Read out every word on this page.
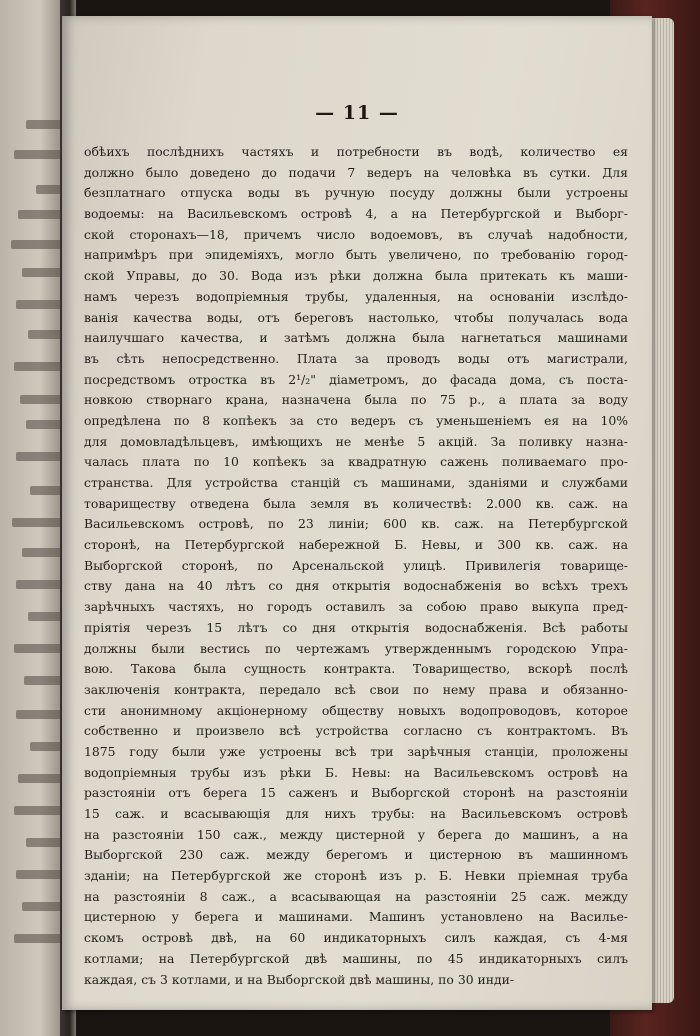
— 11 —
обѣихъ послѣднихъ частяхъ и потребности въ водѣ, количество ея
должно было доведено до подачи 7 ведеръ на человѣка въ сутки. Для
безплатнаго отпуска воды въ ручную посуду должны были устроены
водоемы: на Васильевскомъ островѣ 4, а на Петербургской и Выборг-
ской сторонахъ—18, причемъ число водоемовъ, въ случаѣ надобности,
напримѣръ при эпидеміяхъ, могло быть увеличено, по требованію город-
ской Управы, до 30. Вода изъ рѣки должна была притекать къ маши-
намъ черезъ водопріемныя трубы, удаленныя, на основаніи изслѣдо-
ванія качества воды, отъ береговъ настолько, чтобы получалась вода
наилучшаго качества, и затѣмъ должна была нагнетаться машинами
въ сѣть непосредственно. Плата за проводъ воды отъ магистрали,
посредствомъ отростка въ 2¹/₂" діаметромъ, до фасада дома, съ поста-
новкою створнаго крана, назначена была по 75 р., а плата за воду
опредѣлена по 8 копѣекъ за сто ведеръ съ уменьшеніемъ ея на 10%
для домовладѣльцевъ, имѣющихъ не менѣе 5 акцій. За поливку назна-
чалась плата по 10 копѣекъ за квадратную сажень поливаемаго про-
странства. Для устройства станцій съ машинами, зданіями и службами
товариществу отведена была земля въ количествѣ: 2.000 кв. саж. на
Васильевскомъ островѣ, по 23 линіи; 600 кв. саж. на Петербургской
сторонѣ, на Петербургской набережной Б. Невы, и 300 кв. саж. на
Выборгской сторонѣ, по Арсенальской улицѣ. Привилегія товарище-
ству дана на 40 лѣтъ со дня открытія водоснабженія во всѣхъ трехъ
зарѣчныхъ частяхъ, но городъ оставилъ за собою право выкупа пред-
пріятія черезъ 15 лѣтъ со дня открытія водоснабженія. Всѣ работы
должны были вестись по чертежамъ утвержденнымъ городскою Упра-
вою. Такова была сущность контракта. Товарищество, вскорѣ послѣ
заключенія контракта, передало всѣ свои по нему права и обязанно-
сти анонимному акціонерному обществу новыхъ водопроводовъ, которое
собственно и произвело всѣ устройства согласно съ контрактомъ. Въ
1875 году были уже устроены всѣ три зарѣчныя станціи, проложены
водопріемныя трубы изъ рѣки Б. Невы: на Васильевскомъ островѣ на
разстояніи отъ берега 15 саженъ и Выборгской сторонѣ на разстояніи
15 саж. и всасывающія для нихъ трубы: на Васильевскомъ островѣ
на разстояніи 150 саж., между цистерной у берега до машинъ, а на
Выборгской 230 саж. между берегомъ и цистерною въ машинномъ
зданіи; на Петербургской же сторонѣ изъ р. Б. Невки пріемная труба
на разстояніи 8 саж., а всасывающая на разстояніи 25 саж. между
цистерною у берега и машинами. Машинъ установлено на Василье-
скомъ островѣ двѣ, на 60 индикаторныхъ силъ каждая, съ 4-мя
котлами; на Петербургской двѣ машины, по 45 индикаторныхъ силъ
каждая, съ 3 котлами, и на Выборгской двѣ машины, по 30 инди-
